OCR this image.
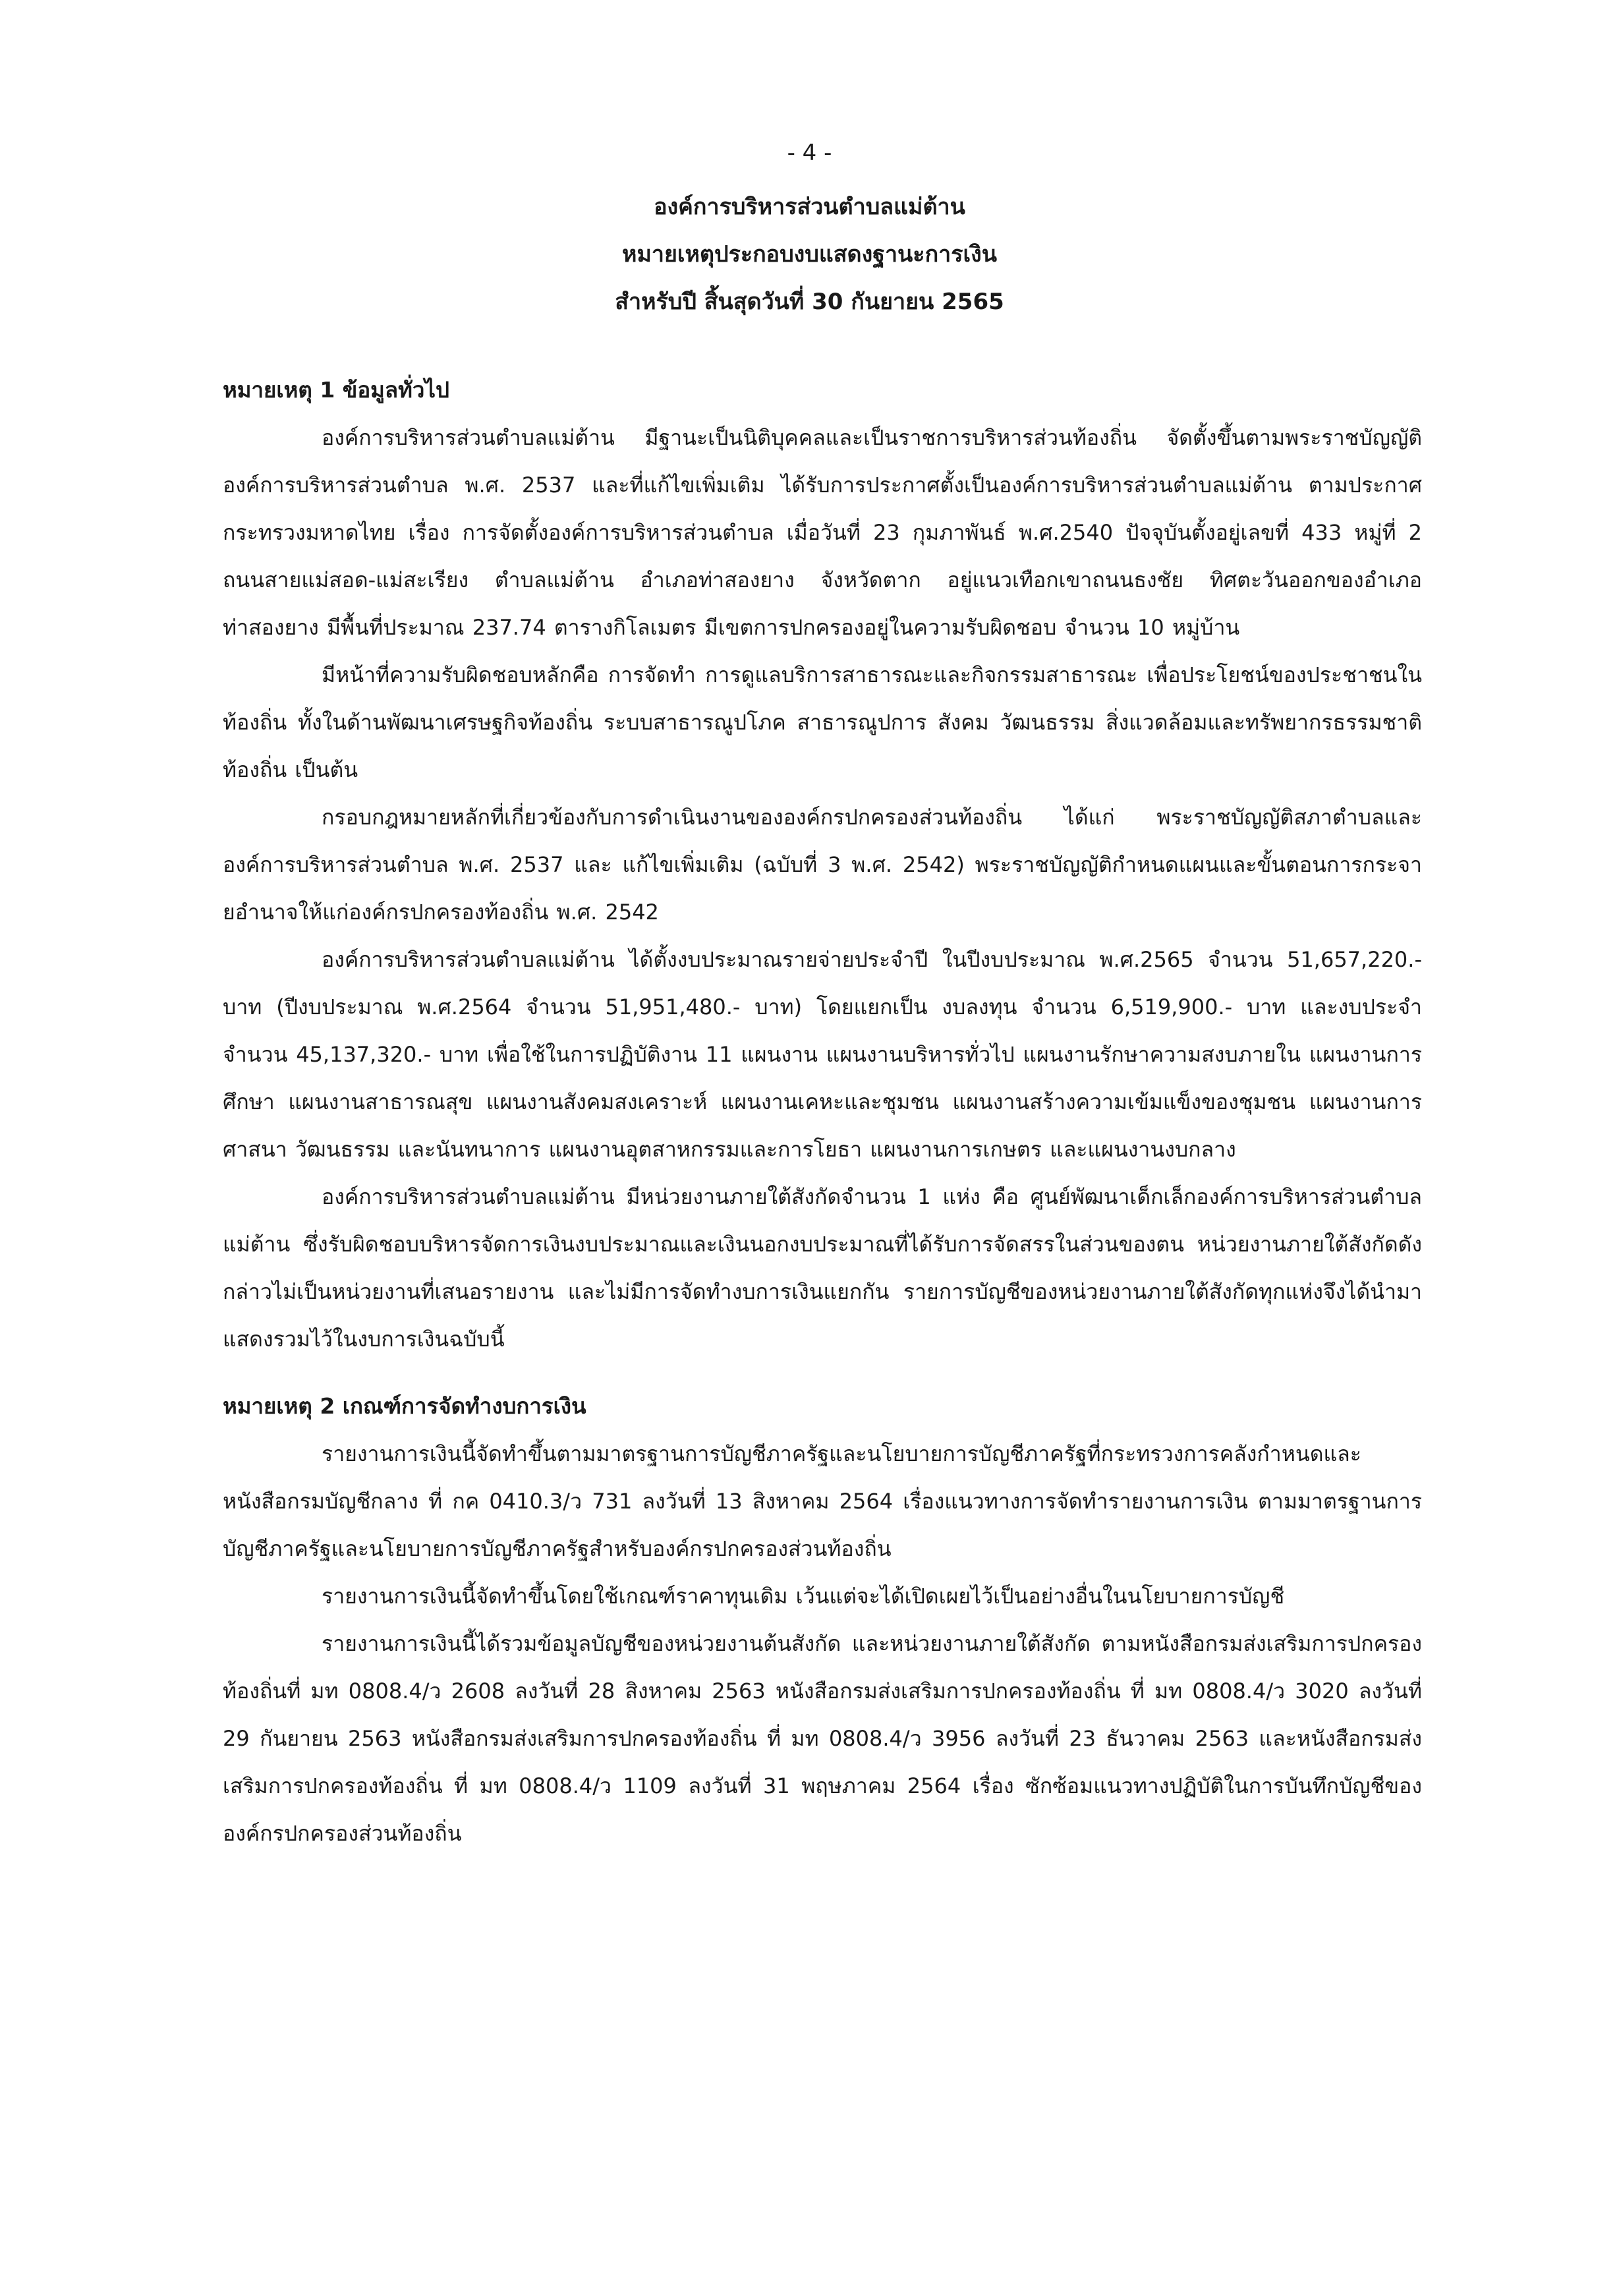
- 4 -
องค์การบริหารส่วนตำบลแม่ต้าน
หมายเหตุประกอบงบแสดงฐานะการเงิน
สำหรับปี สิ้นสุดวันที่ 30 กันยายน 2565

หมายเหตุ 1 ข้อมูลทั่วไป

องค์การบริหารส่วนตำบลแม่ต้าน มีฐานะเป็นนิติบุคคลและเป็นราชการบริหารส่วนท้องถิ่น จัดตั้งขึ้นตามพระราชบัญญัติองค์การบริหารส่วนตำบล พ.ศ. 2537 และที่แก้ไขเพิ่มเติม ได้รับการประกาศตั้งเป็นองค์การบริหารส่วนตำบลแม่ต้าน ตามประกาศกระทรวงมหาดไทย เรื่อง การจัดตั้งองค์การบริหารส่วนตำบล เมื่อวันที่ 23 กุมภาพันธ์ พ.ศ.2540 ปัจจุบันตั้งอยู่เลขที่ 433 หมู่ที่ 2 ถนนสายแม่สอด-แม่สะเรียง ตำบลแม่ต้าน อำเภอท่าสองยาง จังหวัดตาก อยู่แนวเทือกเขาถนนธงชัย ทิศตะวันออกของอำเภอท่าสองยาง มีพื้นที่ประมาณ 237.74 ตารางกิโลเมตร มีเขตการปกครองอยู่ในความรับผิดชอบ จำนวน 10 หมู่บ้าน

มีหน้าที่ความรับผิดชอบหลักคือ การจัดทำ การดูแลบริการสาธารณะและกิจกรรมสาธารณะ เพื่อประโยชน์ของประชาชนในท้องถิ่น ทั้งในด้านพัฒนาเศรษฐกิจท้องถิ่น ระบบสาธารณูปโภค สาธารณูปการ สังคม วัฒนธรรม สิ่งแวดล้อมและทรัพยากรธรรมชาติ ท้องถิ่น เป็นต้น

กรอบกฎหมายหลักที่เกี่ยวข้องกับการดำเนินงานขององค์กรปกครองส่วนท้องถิ่น ได้แก่ พระราชบัญญัติสภาตำบลและองค์การบริหารส่วนตำบล พ.ศ. 2537 และ แก้ไขเพิ่มเติม (ฉบับที่ 3 พ.ศ. 2542) พระราชบัญญัติกำหนดแผนและขั้นตอนการกระจายอำนาจให้แก่องค์กรปกครองท้องถิ่น พ.ศ. 2542

องค์การบริหารส่วนตำบลแม่ต้าน ได้ตั้งงบประมาณรายจ่ายประจำปี ในปีงบประมาณ พ.ศ.2565 จำนวน 51,657,220.- บาท (ปีงบประมาณ พ.ศ.2564 จำนวน 51,951,480.- บาท) โดยแยกเป็น งบลงทุน จำนวน 6,519,900.- บาท และงบประจำ จำนวน 45,137,320.- บาท เพื่อใช้ในการปฏิบัติงาน 11 แผนงาน แผนงานบริหารทั่วไป แผนงานรักษาความสงบภายใน แผนงานการศึกษา แผนงานสาธารณสุข แผนงานสังคมสงเคราะห์ แผนงานเคหะและชุมชน แผนงานสร้างความเข้มแข็งของชุมชน แผนงานการศาสนา วัฒนธรรม และนันทนาการ แผนงานอุตสาหกรรมและการโยธา แผนงานการเกษตร และแผนงานงบกลาง

องค์การบริหารส่วนตำบลแม่ต้าน มีหน่วยงานภายใต้สังกัดจำนวน 1 แห่ง คือ ศูนย์พัฒนาเด็กเล็กองค์การบริหารส่วนตำบลแม่ต้าน ซึ่งรับผิดชอบบริหารจัดการเงินงบประมาณและเงินนอกงบประมาณที่ได้รับการจัดสรรในส่วนของตน หน่วยงานภายใต้สังกัดดังกล่าวไม่เป็นหน่วยงานที่เสนอรายงาน และไม่มีการจัดทำงบการเงินแยกกัน รายการบัญชีของหน่วยงานภายใต้สังกัดทุกแห่งจึงได้นำมาแสดงรวมไว้ในงบการเงินฉบับนี้

หมายเหตุ 2 เกณฑ์การจัดทำงบการเงิน

รายงานการเงินนี้จัดทำขึ้นตามมาตรฐานการบัญชีภาครัฐและนโยบายการบัญชีภาครัฐที่กระทรวงการคลังกำหนดและหนังสือกรมบัญชีกลาง ที่ กค 0410.3/ว 731 ลงวันที่ 13 สิงหาคม 2564 เรื่องแนวทางการจัดทำรายงานการเงิน ตามมาตรฐานการบัญชีภาครัฐและนโยบายการบัญชีภาครัฐสำหรับองค์กรปกครองส่วนท้องถิ่น

รายงานการเงินนี้จัดทำขึ้นโดยใช้เกณฑ์ราคาทุนเดิม เว้นแต่จะได้เปิดเผยไว้เป็นอย่างอื่นในนโยบายการบัญชี

รายงานการเงินนี้ได้รวมข้อมูลบัญชีของหน่วยงานต้นสังกัด และหน่วยงานภายใต้สังกัด ตามหนังสือกรมส่งเสริมการปกครองท้องถิ่นที่ มท 0808.4/ว 2608 ลงวันที่ 28 สิงหาคม 2563 หนังสือกรมส่งเสริมการปกครองท้องถิ่น ที่ มท 0808.4/ว 3020 ลงวันที่ 29 กันยายน 2563 หนังสือกรมส่งเสริมการปกครองท้องถิ่น ที่ มท 0808.4/ว 3956 ลงวันที่ 23 ธันวาคม 2563 และหนังสือกรมส่งเสริมการปกครองท้องถิ่น ที่ มท 0808.4/ว 1109 ลงวันที่ 31 พฤษภาคม 2564 เรื่อง ซักซ้อมแนวทางปฏิบัติในการบันทึกบัญชีขององค์กรปกครองส่วนท้องถิ่น
